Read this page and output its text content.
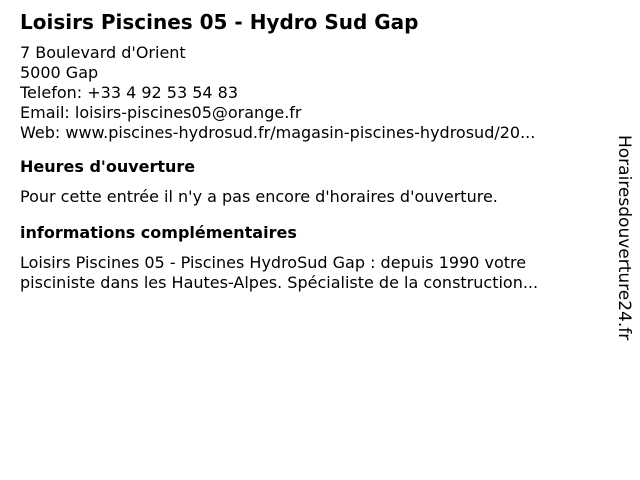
Loisirs Piscines 05 - Hydro Sud Gap
7 Boulevard d'Orient
5000 Gap
Telefon: +33 4 92 53 54 83
Email: loisirs-piscines05@orange.fr
Web: www.piscines-hydrosud.fr/magasin-piscines-hydrosud/20...
Heures d'ouverture
Pour cette entrée il n'y a pas encore d'horaires d'ouverture.
informations complémentaires
Loisirs Piscines 05 - Piscines HydroSud Gap : depuis 1990 votre
pisciniste dans les Hautes-Alpes. Spécialiste de la construction...	Horairesdouverture24.fr
